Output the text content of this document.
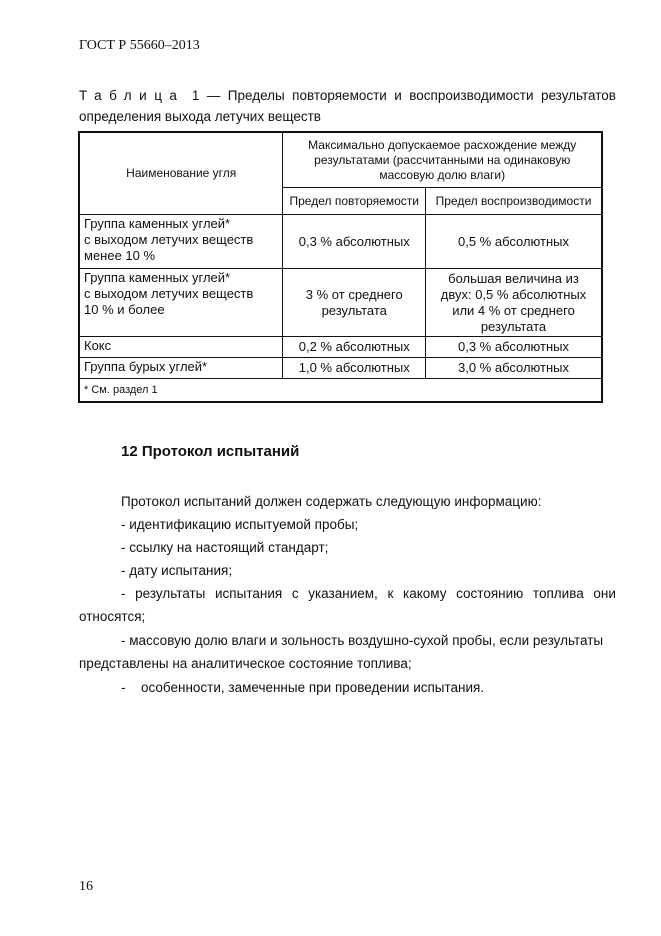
ГОСТ Р 55660–2013
Таблица 1 — Пределы повторяемости и воспроизводимости результатов
определения выхода летучих веществ
Наименование угля	Максимально допускаемое расхождение между результатами (рассчитанными на одинаковую массовую долю влаги)	
	Предел повторяемости	Предел воспроизводимости

Группа каменных углей*
с выходом летучих веществ
менее 10 %	0,3 % абсолютных	0,5 % абсолютных

Группа каменных углей*
с выходом летучих веществ
10 % и более	3 % от среднего результата	большая величина из двух: 0,5 % абсолютных или 4 % от среднего результата
Кокс	0,2 % абсолютных	0,3 % абсолютных
Группа бурых углей*	1,0 % абсолютных	3,0 % абсолютных
* См. раздел 1		
12 Протокол испытаний
Протокол испытаний должен содержать следующую информацию:
- идентификацию испытуемой пробы;
- ссылку на настоящий стандарт;
- дату испытания;
- результаты испытания с указанием, к какому состоянию топлива они
относятся;
- массовую долю влаги и зольность воздушно-сухой пробы, если результаты
представлены на аналитическое состояние топлива;
- особенности, замеченные при проведении испытания.
16
